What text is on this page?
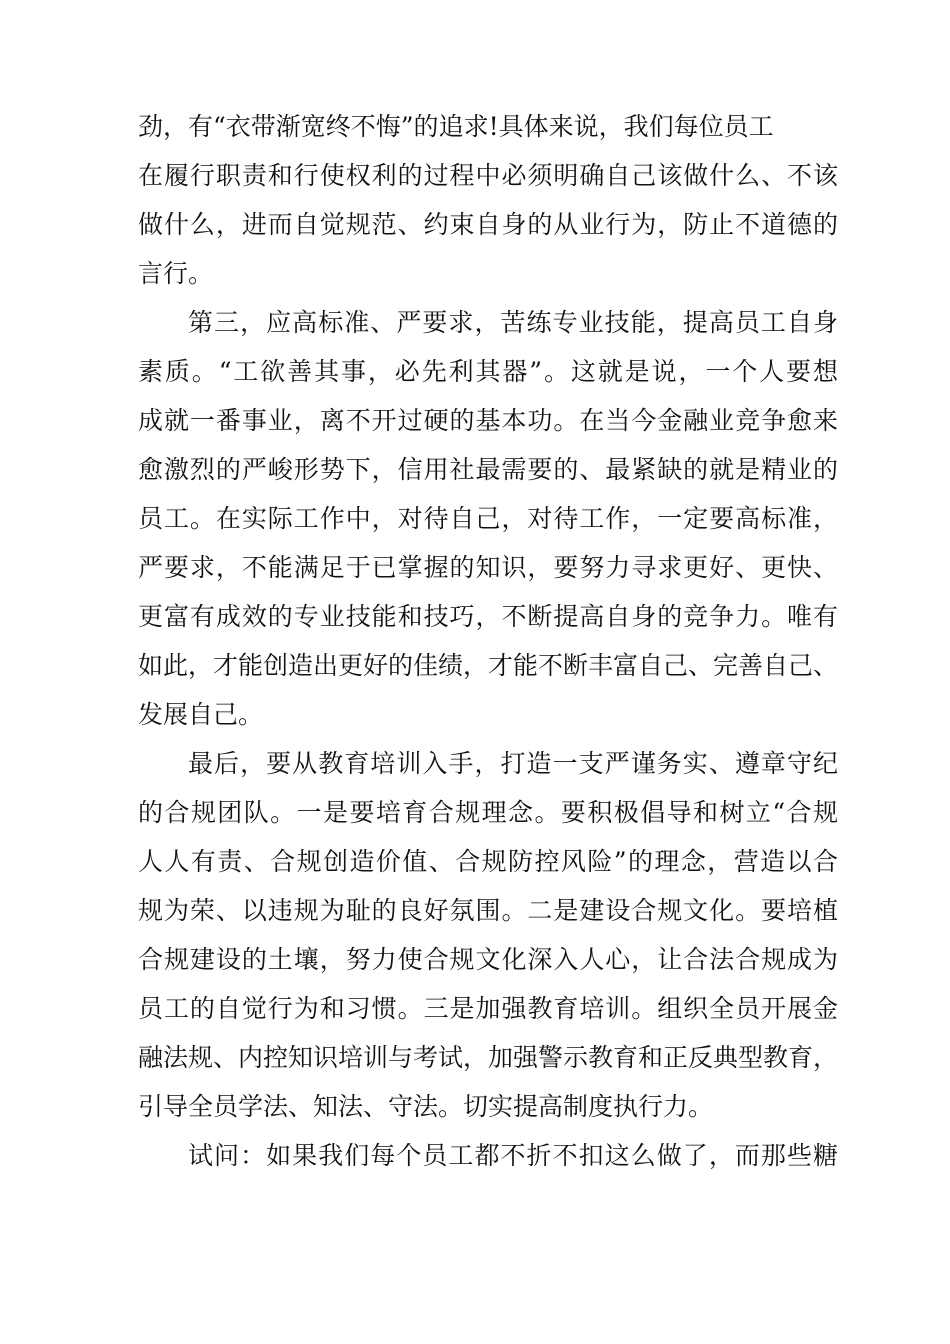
劲，有“衣带渐宽终不悔”的追求!具体来说，我们每位员工
在履行职责和行使权利的过程中必须明确自己该做什么、不该
做什么，进而自觉规范、约束自身的从业行为，防止不道德的
言行。
第三，应高标准、严要求，苦练专业技能，提高员工自身
素质。“工欲善其事，必先利其器”。这就是说，一个人要想
成就一番事业，离不开过硬的基本功。在当今金融业竞争愈来
愈激烈的严峻形势下，信用社最需要的、最紧缺的就是精业的
员工。在实际工作中，对待自己，对待工作，一定要高标准，
严要求，不能满足于已掌握的知识，要努力寻求更好、更快、
更富有成效的专业技能和技巧，不断提高自身的竞争力。唯有
如此，才能创造出更好的佳绩，才能不断丰富自己、完善自己、
发展自己。
最后，要从教育培训入手，打造一支严谨务实、遵章守纪
的合规团队。一是要培育合规理念。要积极倡导和树立“合规
人人有责、合规创造价值、合规防控风险”的理念，营造以合
规为荣、以违规为耻的良好氛围。二是建设合规文化。要培植
合规建设的土壤，努力使合规文化深入人心，让合法合规成为
员工的自觉行为和习惯。三是加强教育培训。组织全员开展金
融法规、内控知识培训与考试，加强警示教育和正反典型教育，
引导全员学法、知法、守法。切实提高制度执行力。
试问：如果我们每个员工都不折不扣这么做了，而那些糖
